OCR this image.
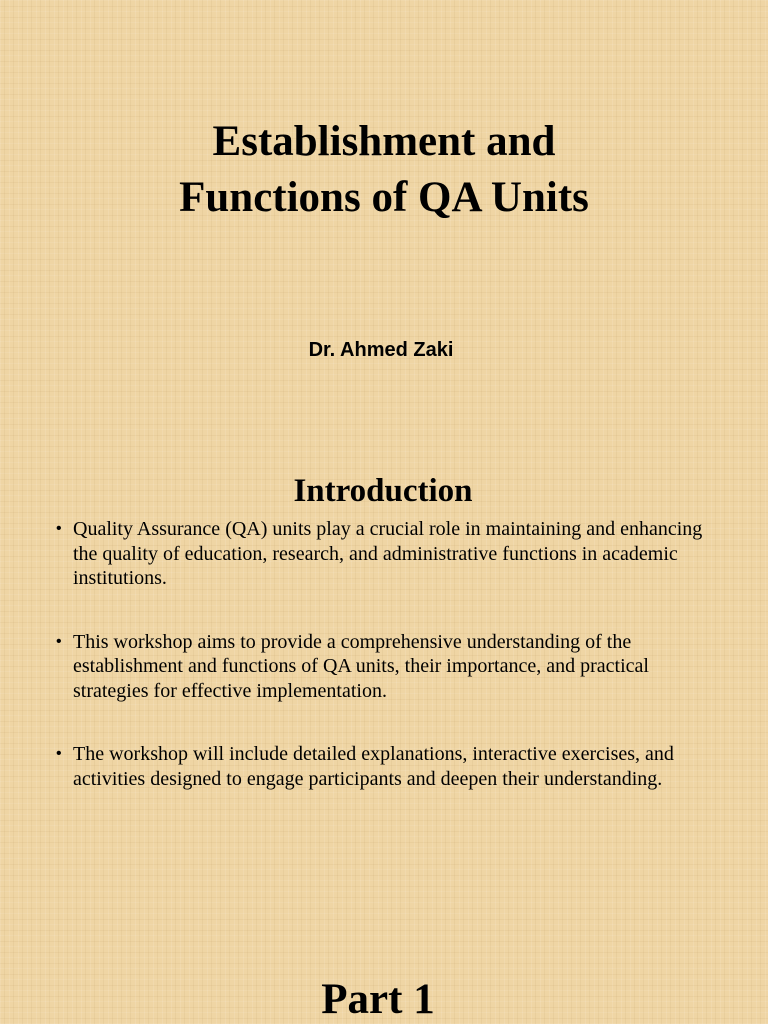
Establishment and
Functions of QA Units
Dr. Ahmed Zaki
Introduction
• Quality Assurance (QA) units play a crucial role in maintaining and enhancing the quality of education, research, and administrative functions in academic institutions.
• This workshop aims to provide a comprehensive understanding of the establishment and functions of QA units, their importance, and practical strategies for effective implementation.
• The workshop will include detailed explanations, interactive exercises, and activities designed to engage participants and deepen their understanding.
Part 1
